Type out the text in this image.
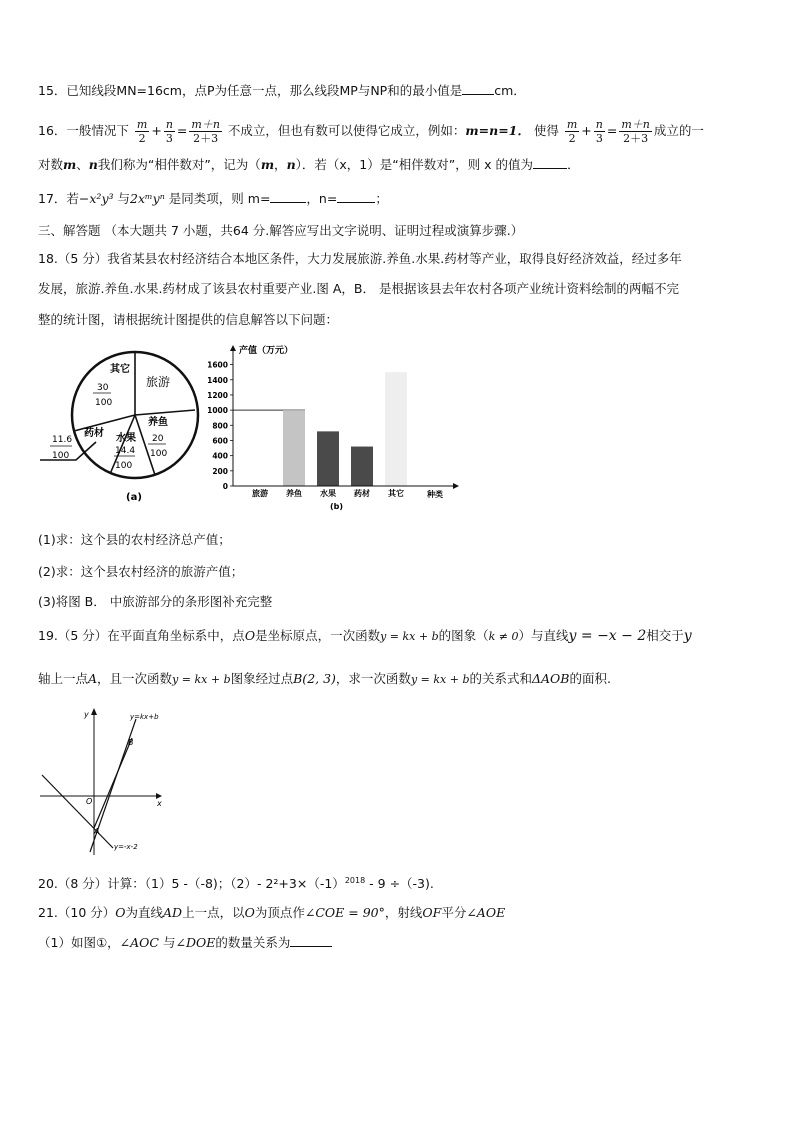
15．已知线段MN=16cm，点P为任意一点，那么线段MP与NP和的最小值是	cm．
16．一般情况下 $\frac{m}{2} + \frac{n}{3} = \frac{m+n}{2+3}$ 不成立，但也有数可以使得它成立，例如：m=n=1． 使得 $\frac{m}{2} + \frac{n}{3} = \frac{m+n}{2+3}$ 成立的一
对数m、n我们称为“相伴数对”，记为（m，n）．若（x，1）是“相伴数对”，则 x 的值为	．
17．若−x²y³ 与2xᵐyⁿ 是同类项，则 m=	，n=	；
三、解答题 （本大题共 7 小题，共64 分.解答应写出文字说明、证明过程或演算步骤.）
18.（5 分）我省某县农村经济结合本地区条件，大力发展旅游.养鱼.水果.药材等产业，取得良好经济效益，经过多年
发展，旅游.养鱼.水果.药材成了该县农村重要产业.图 A，B． 是根据该县去年农村各项产业统计资料绘制的两幅不完
整的统计图，请根据统计图提供的信息解答以下问题：
其它
30
100
旅游
养鱼
20
100
水果
14.4
100
药材
11.6
100
(a)
0
200
400
600
800
1000
1200
1400
1600
旅游 养鱼 水果 药材 其它
产值（万元）
种类
(b)
(1)求：这个县的农村经济总产值；
(2)求：这个县农村经济的旅游产值；
(3)将图 B． 中旅游部分的条形图补充完整
19.（5 分）在平面直角坐标系中，点O是坐标原点，一次函数y = kx + b的图象（k ≠ 0）与直线y = −x − 2相交于y
轴上一点A，且一次函数y = kx + b图象经过点B(2, 3)，求一次函数y = kx + b的关系式和ΔAOB的面积.
x
y
O
y=kx+b
B
A
y=-x-2
20.（8 分）计算：（1）5 -（-8)；（2）- $2^2+3\times(-1)^{2018} - 9 \div(-3)$.
21.（10 分）O为直线AD上一点，以O为顶点作∠COE = 90°，射线OF平分∠AOE
（1）如图①，∠AOC 与∠DOE的数量关系为
